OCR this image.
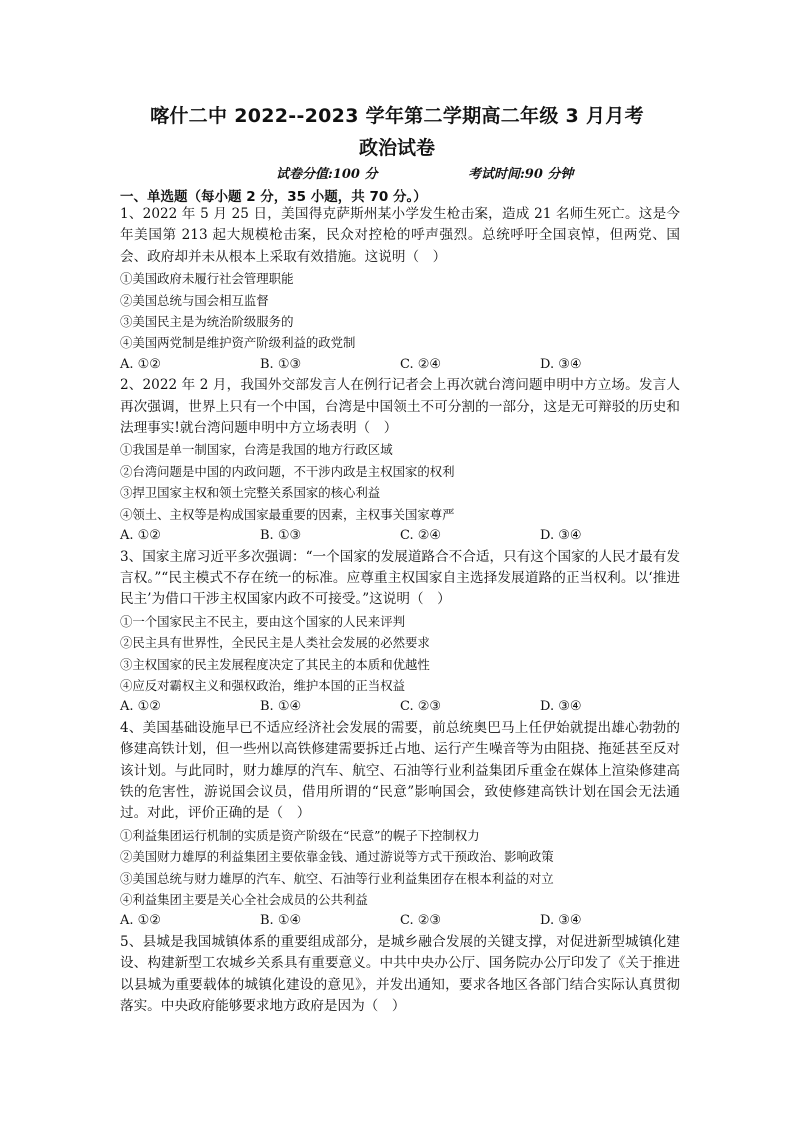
喀什二中 2022--2023 学年第二学期高二年级 3 月月考
政治试卷
试卷分值:100 分	考试时间:90 分钟
一、单选题（每小题 2 分，35 小题，共 70 分。）

1、2022 年 5 月 25 日，美国得克萨斯州某小学发生枪击案，造成 21 名师生死亡。这是今年美国第 213 起大规模枪击案，民众对控枪的呼声强烈。总统呼吁全国哀悼，但两党、国会、政府却并未从根本上采取有效措施。这说明（　）

①美国政府未履行社会管理职能

②美国总统与国会相互监督

③美国民主是为统治阶级服务的

④美国两党制是维护资产阶级利益的政党制

A. ①②	B. ①③	C. ②④	D. ③④

2、2022 年 2 月，我国外交部发言人在例行记者会上再次就台湾问题申明中方立场。发言人再次强调，世界上只有一个中国，台湾是中国领土不可分割的一部分，这是无可辩驳的历史和法理事实!就台湾问题申明中方立场表明（　）

①我国是单一制国家，台湾是我国的地方行政区域

②台湾问题是中国的内政问题，不干涉内政是主权国家的权利

③捍卫国家主权和领土完整关系国家的核心利益

④领土、主权等是构成国家最重要的因素，主权事关国家尊严

A. ①②	B. ①③	C. ②④	D. ③④

3、国家主席习近平多次强调：“一个国家的发展道路合不合适，只有这个国家的人民才最有发言权。”“民主模式不存在统一的标准。应尊重主权国家自主选择发展道路的正当权利。以‘推进民主’为借口干涉主权国家内政不可接受。”这说明（　）

①一个国家民主不民主，要由这个国家的人民来评判

②民主具有世界性，全民民主是人类社会发展的必然要求

③主权国家的民主发展程度决定了其民主的本质和优越性

④应反对霸权主义和强权政治，维护本国的正当权益

A. ①②	B. ①④	C. ②③	D. ③④

4、美国基础设施早已不适应经济社会发展的需要，前总统奥巴马上任伊始就提出雄心勃勃的修建高铁计划，但一些州以高铁修建需要拆迁占地、运行产生噪音等为由阻挠、拖延甚至反对该计划。与此同时，财力雄厚的汽车、航空、石油等行业利益集团斥重金在媒体上渲染修建高铁的危害性，游说国会议员，借用所谓的“民意”影响国会，致使修建高铁计划在国会无法通过。对此，评价正确的是（　）

①利益集团运行机制的实质是资产阶级在“民意”的幌子下控制权力

②美国财力雄厚的利益集团主要依靠金钱、通过游说等方式干预政治、影响政策

③美国总统与财力雄厚的汽车、航空、石油等行业利益集团存在根本利益的对立

④利益集团主要是关心全社会成员的公共利益

A. ①②	B. ①④	C. ②③	D. ③④

5、县城是我国城镇体系的重要组成部分，是城乡融合发展的关键支撑，对促进新型城镇化建设、构建新型工农城乡关系具有重要意义。中共中央办公厅、国务院办公厅印发了《关于推进以县城为重要载体的城镇化建设的意见》，并发出通知，要求各地区各部门结合实际认真贯彻落实。中央政府能够要求地方政府是因为（　）
